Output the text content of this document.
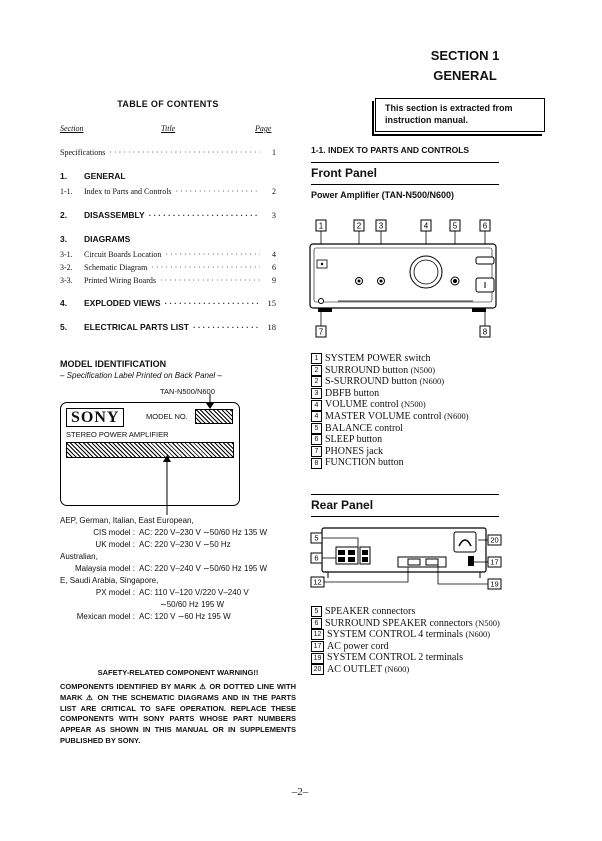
SECTION 1
GENERAL
TABLE OF CONTENTS
Section	Title	Page
Specifications ·····	1
1.	GENERAL
1-1.	Index to Parts and Controls ·····	2
2.	DISASSEMBLY ·····	3
3.	DIAGRAMS
3-1.	Circuit Boards Location ·····	4
3-2.	Schematic Diagram ·····	6
3-3.	Printed Wiring Boards ·····	9
4.	EXPLODED VIEWS ·····	15
5.	ELECTRICAL PARTS LIST ·····	18
MODEL IDENTIFICATION
– Specification Label Printed on Back Panel –
TAN-N500/N600
SONY	MODEL NO.
STEREO POWER AMPLIFIER
AEP, German, Italian, East European,
CIS model : AC: 220 V–230 V ∼50/60 Hz 135 W
UK model : AC: 220 V–230 V ∼50 Hz
Australian,
Malaysia model : AC: 220 V–240 V ∼50/60 Hz 195 W
E, Saudi Arabia, Singapore,
PX model : AC: 110 V–120 V/220 V–240 V
∼50/60 Hz 195 W
Mexican model : AC: 120 V ∼60 Hz 195 W
SAFETY-RELATED COMPONENT WARNING!!
COMPONENTS IDENTIFIED BY MARK ⚠ OR DOTTED LINE WITH MARK ⚠ ON THE SCHEMATIC DIAGRAMS AND IN THE PARTS LIST ARE CRITICAL TO SAFE OPERATION. REPLACE THESE COMPONENTS WITH SONY PARTS WHOSE PART NUMBERS APPEAR AS SHOWN IN THIS MANUAL OR IN SUPPLEMENTS PUBLISHED BY SONY.
This section is extracted from instruction manual.
1-1. INDEX TO PARTS AND CONTROLS
Front Panel
Power Amplifier (TAN-N500/N600)
1	2 3	4	5	6
7	8
1 SYSTEM POWER switch
2 SURROUND button (N500)
2 S-SURROUND button (N600)
3 DBFB button
4 VOLUME control (N500)
4 MASTER VOLUME control (N600)
5 BALANCE control
6 SLEEP button
7 PHONES jack
8 FUNCTION button
Rear Panel
5
6
12
17
19
20
5 SPEAKER connectors
6 SURROUND SPEAKER connectors (N500)
12 SYSTEM CONTROL 4 terminals (N600)
17 AC power cord
19 SYSTEM CONTROL 2 terminals
20 AC OUTLET (N600)
–2–
